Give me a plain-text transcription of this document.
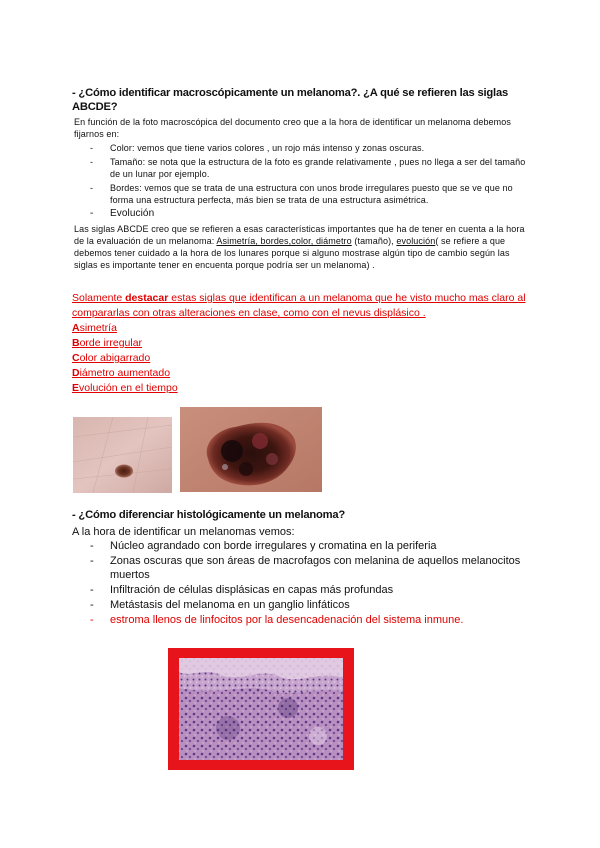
- ¿Cómo identificar macroscópicamente un melanoma?. ¿A qué se refieren las siglas ABCDE?
En función de la foto macroscópica del documento creo que a la hora de identificar un melanoma debemos fijarnos en:
- Color: vemos que tiene varios colores , un rojo más intenso y zonas oscuras.
- Tamaño: se nota que la estructura de la foto es grande relativamente , pues no llega a ser del tamaño de un lunar por ejemplo.
- Bordes: vemos que se trata de una estructura con unos brode irregulares puesto que se ve que no forma una estructura perfecta, más bien se trata de una estructura asimétrica.
- Evolución
Las siglas ABCDE creo que se refieren a esas características importantes que ha de tener en cuenta a la hora de la evaluación de un melanoma: Asimetría, bordes,color, diámetro (tamaño), evolución( se refiere a que debemos tener cuidado a la hora de los lunares porque si alguno mostrase algún tipo de cambio según las siglas es importante tener en encuenta porque podría ser un melanoma) .
Solamente destacar estas siglas que identifican a un melanoma que he visto mucho mas claro al compararlas con otras alteraciones en clase, como con el nevus displásico .
Asimetría
Borde irregular
Color abigarrado
Diámetro aumentado
Evolución en el tiempo
- ¿Cómo diferenciar histológicamente un melanoma?
A la hora de identificar un melanomas vemos:
- Núcleo agrandado con borde irregulares y cromatina en la periferia
- Zonas oscuras que son áreas de macrofagos con melanina de aquellos melanocitos muertos
- Infiltración de células displásicas en capas más profundas
- Metástasis del melanoma en un ganglio linfáticos
- estroma llenos de linfocitos por la desencadenación del sistema inmune.
